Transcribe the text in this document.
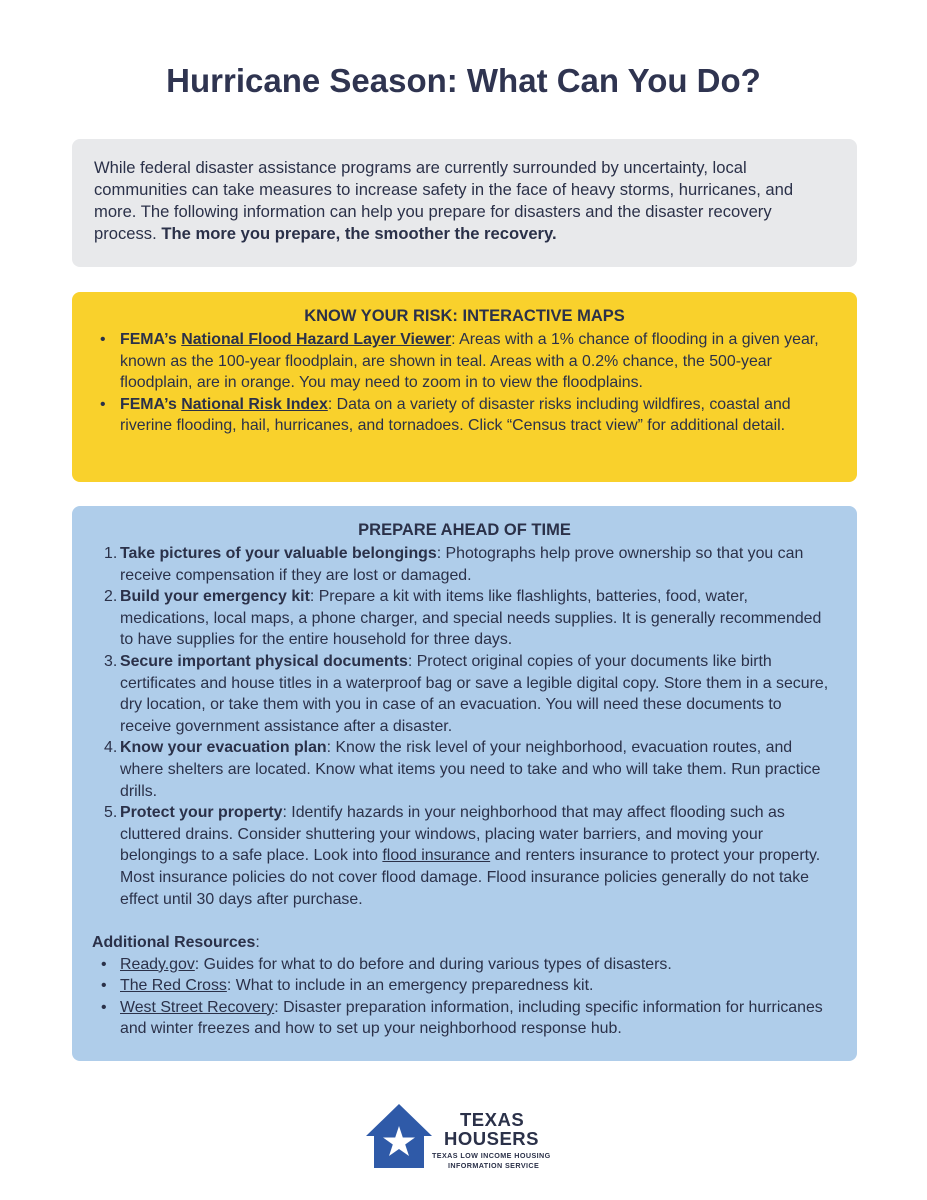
Hurricane Season: What Can You Do?

While federal disaster assistance programs are currently surrounded by uncertainty, local communities can take measures to increase safety in the face of heavy storms, hurricanes, and more. The following information can help you prepare for disasters and the disaster recovery process. The more you prepare, the smoother the recovery.

KNOW YOUR RISK: INTERACTIVE MAPS
• FEMA’s National Flood Hazard Layer Viewer: Areas with a 1% chance of flooding in a given year, known as the 100-year floodplain, are shown in teal. Areas with a 0.2% chance, the 500-year floodplain, are in orange. You may need to zoom in to view the floodplains.
• FEMA’s National Risk Index: Data on a variety of disaster risks including wildfires, coastal and riverine flooding, hail, hurricanes, and tornadoes. Click “Census tract view” for additional detail.
PREPARE AHEAD OF TIME
1. Take pictures of your valuable belongings: Photographs help prove ownership so that you can receive compensation if they are lost or damaged.
2. Build your emergency kit: Prepare a kit with items like flashlights, batteries, food, water, medications, local maps, a phone charger, and special needs supplies. It is generally recommended to have supplies for the entire household for three days.
3. Secure important physical documents: Protect original copies of your documents like birth certificates and house titles in a waterproof bag or save a legible digital copy. Store them in a secure, dry location, or take them with you in case of an evacuation. You will need these documents to receive government assistance after a disaster.
4. Know your evacuation plan: Know the risk level of your neighborhood, evacuation routes, and where shelters are located. Know what items you need to take and who will take them. Run practice drills.
5. Protect your property: Identify hazards in your neighborhood that may affect flooding such as cluttered drains. Consider shuttering your windows, placing water barriers, and moving your belongings to a safe place. Look into flood insurance and renters insurance to protect your property. Most insurance policies do not cover flood damage. Flood insurance policies generally do not take effect until 30 days after purchase.

Additional Resources:

• Ready.gov: Guides for what to do before and during various types of disasters.
• The Red Cross: What to include in an emergency preparedness kit.
• West Street Recovery: Disaster preparation information, including specific information for hurricanes and winter freezes and how to set up your neighborhood response hub.
TEXAS
HOUSERS
TEXAS LOW INCOME HOUSING
INFORMATION SERVICE
